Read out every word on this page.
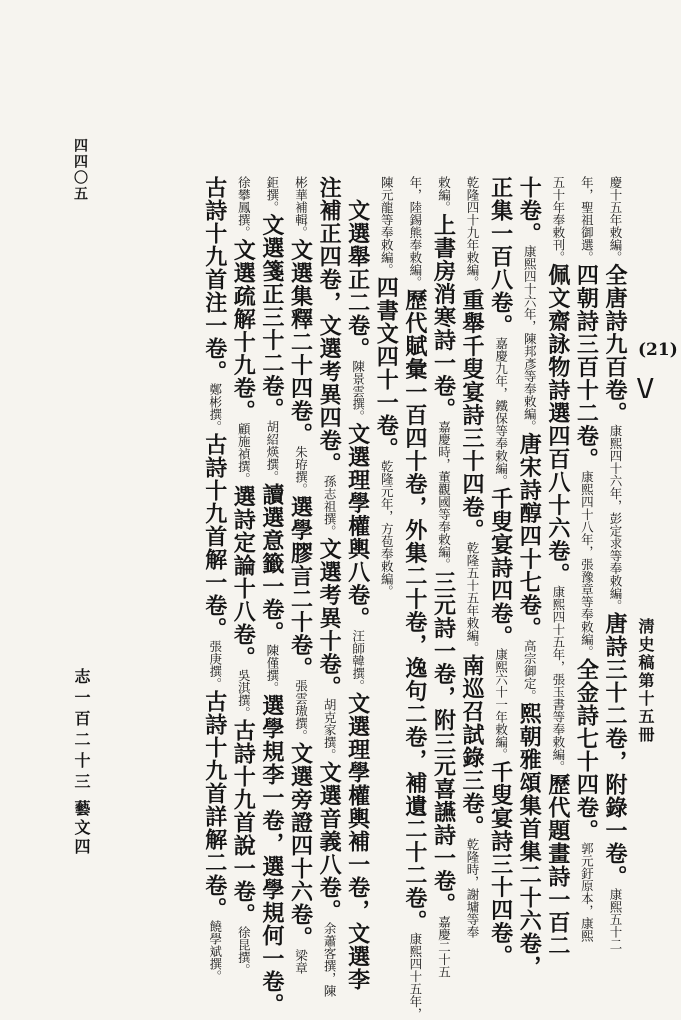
(21)
\/
淸史稿第十五冊
慶十五年敕編。全唐詩九百卷。康熙四十六年，彭定求等奉敕編。唐詩三十二卷，附錄一卷。康熙五十二
年，聖祖御選。四朝詩三百十二卷。康熙四十八年，張豫章等奉敕編。全金詩七十四卷。郭元釪原本，康熙
五十年奉敕刊。佩文齋詠物詩選四百八十六卷。康熙四十五年，張玉書等奉敕編。歷代題畫詩一百二
十卷。康熙四十六年，陳邦彥等奉敕編。唐宋詩醇四十七卷。高宗御定。熙朝雅頌集首集二十六卷，
正集一百八卷。嘉慶九年，鐵保等奉敕編。千叟宴詩四卷。康熙六十一年敕編。千叟宴詩三十四卷。
乾隆四十九年敕編。重舉千叟宴詩三十四卷。乾隆五十五年敕編。南巡召試錄三卷。乾隆時，謝墉等奉
敕編。上書房消寒詩一卷。嘉慶時，董觀國等奉敕編。三元詩一卷，附三元喜讌詩一卷。嘉慶二十五
年，陸錫熊奉敕編。歷代賦彙一百四十卷，外集二十卷，逸句二卷，補遺二十二卷。康熙四十五年，
陳元龍等奉敕編。四書文四十一卷。乾隆元年，方苞奉敕編。
　文選舉正二卷。陳景雲撰。文選理學權輿八卷。汪師韓撰。文選理學權輿補一卷，文選李
注補正四卷，文選考異四卷。孫志祖撰。文選考異十卷。胡克家撰。文選音義八卷。余蕭客撰，陳
彬華補輯。文選集釋二十四卷。朱珔撰。選學膠言二十卷。張雲璈撰。文選旁證四十六卷。梁章
鉅撰。文選箋正三十二卷。胡紹煐撰。讀選意籤一卷。陳僅撰。選學規李一卷，選學規何一卷。
徐攀鳳撰。文選疏解十九卷。顧施禎撰。選詩定論十八卷。吳淇撰。古詩十九首說一卷。徐昆撰。
古詩十九首注一卷。鄭彬撰。古詩十九首解一卷。張庚撰。古詩十九首詳解二卷。饒學斌撰。
志一百二十三
藝文四
四四〇五
